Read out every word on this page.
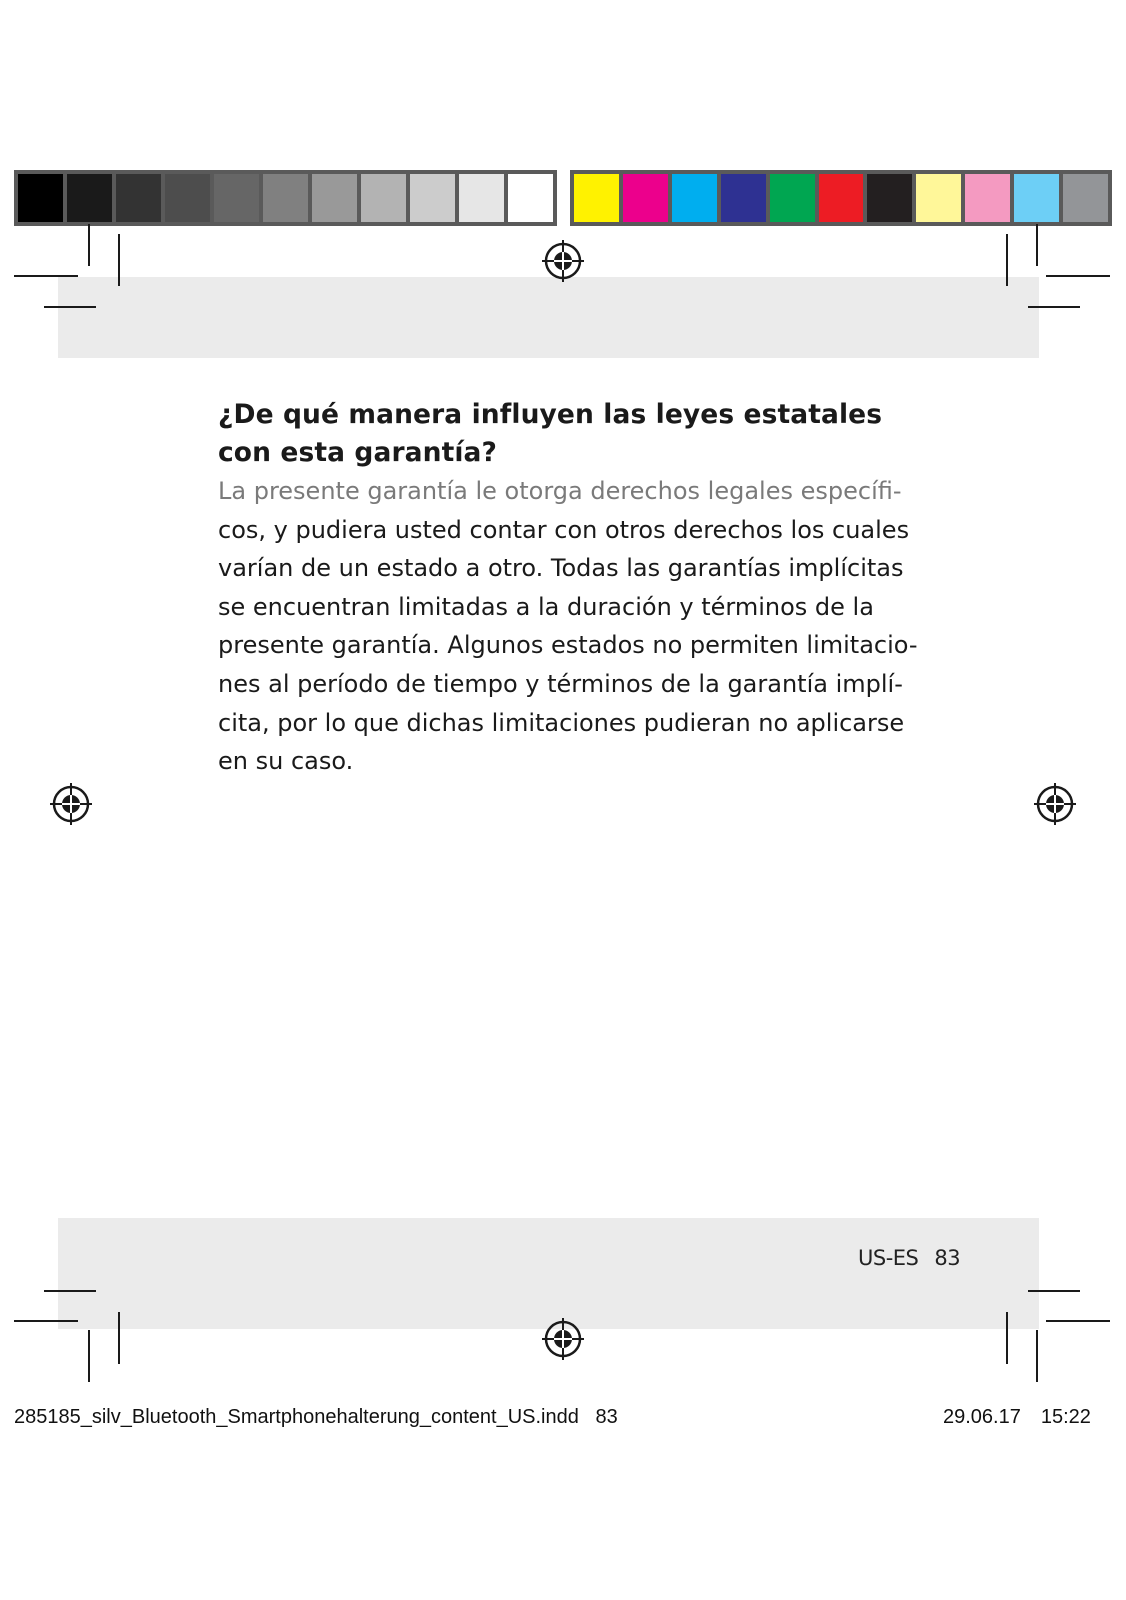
¿De qué manera influyen las leyes estatales
con esta garantía?

La presente garantía le otorga derechos legales específi-
cos, y pudiera usted contar con otros derechos los cuales
varían de un estado a otro. Todas las garantías implícitas
se encuentran limitadas a la duración y términos de la
presente garantía. Algunos estados no permiten limitacio-
nes al período de tiempo y términos de la garantía implí-
cita, por lo que dichas limitaciones pudieran no aplicarse
en su caso.

US-ES 83
285185_silv_Bluetooth_Smartphonehalterung_content_US.indd   83	29.06.17 15:22
